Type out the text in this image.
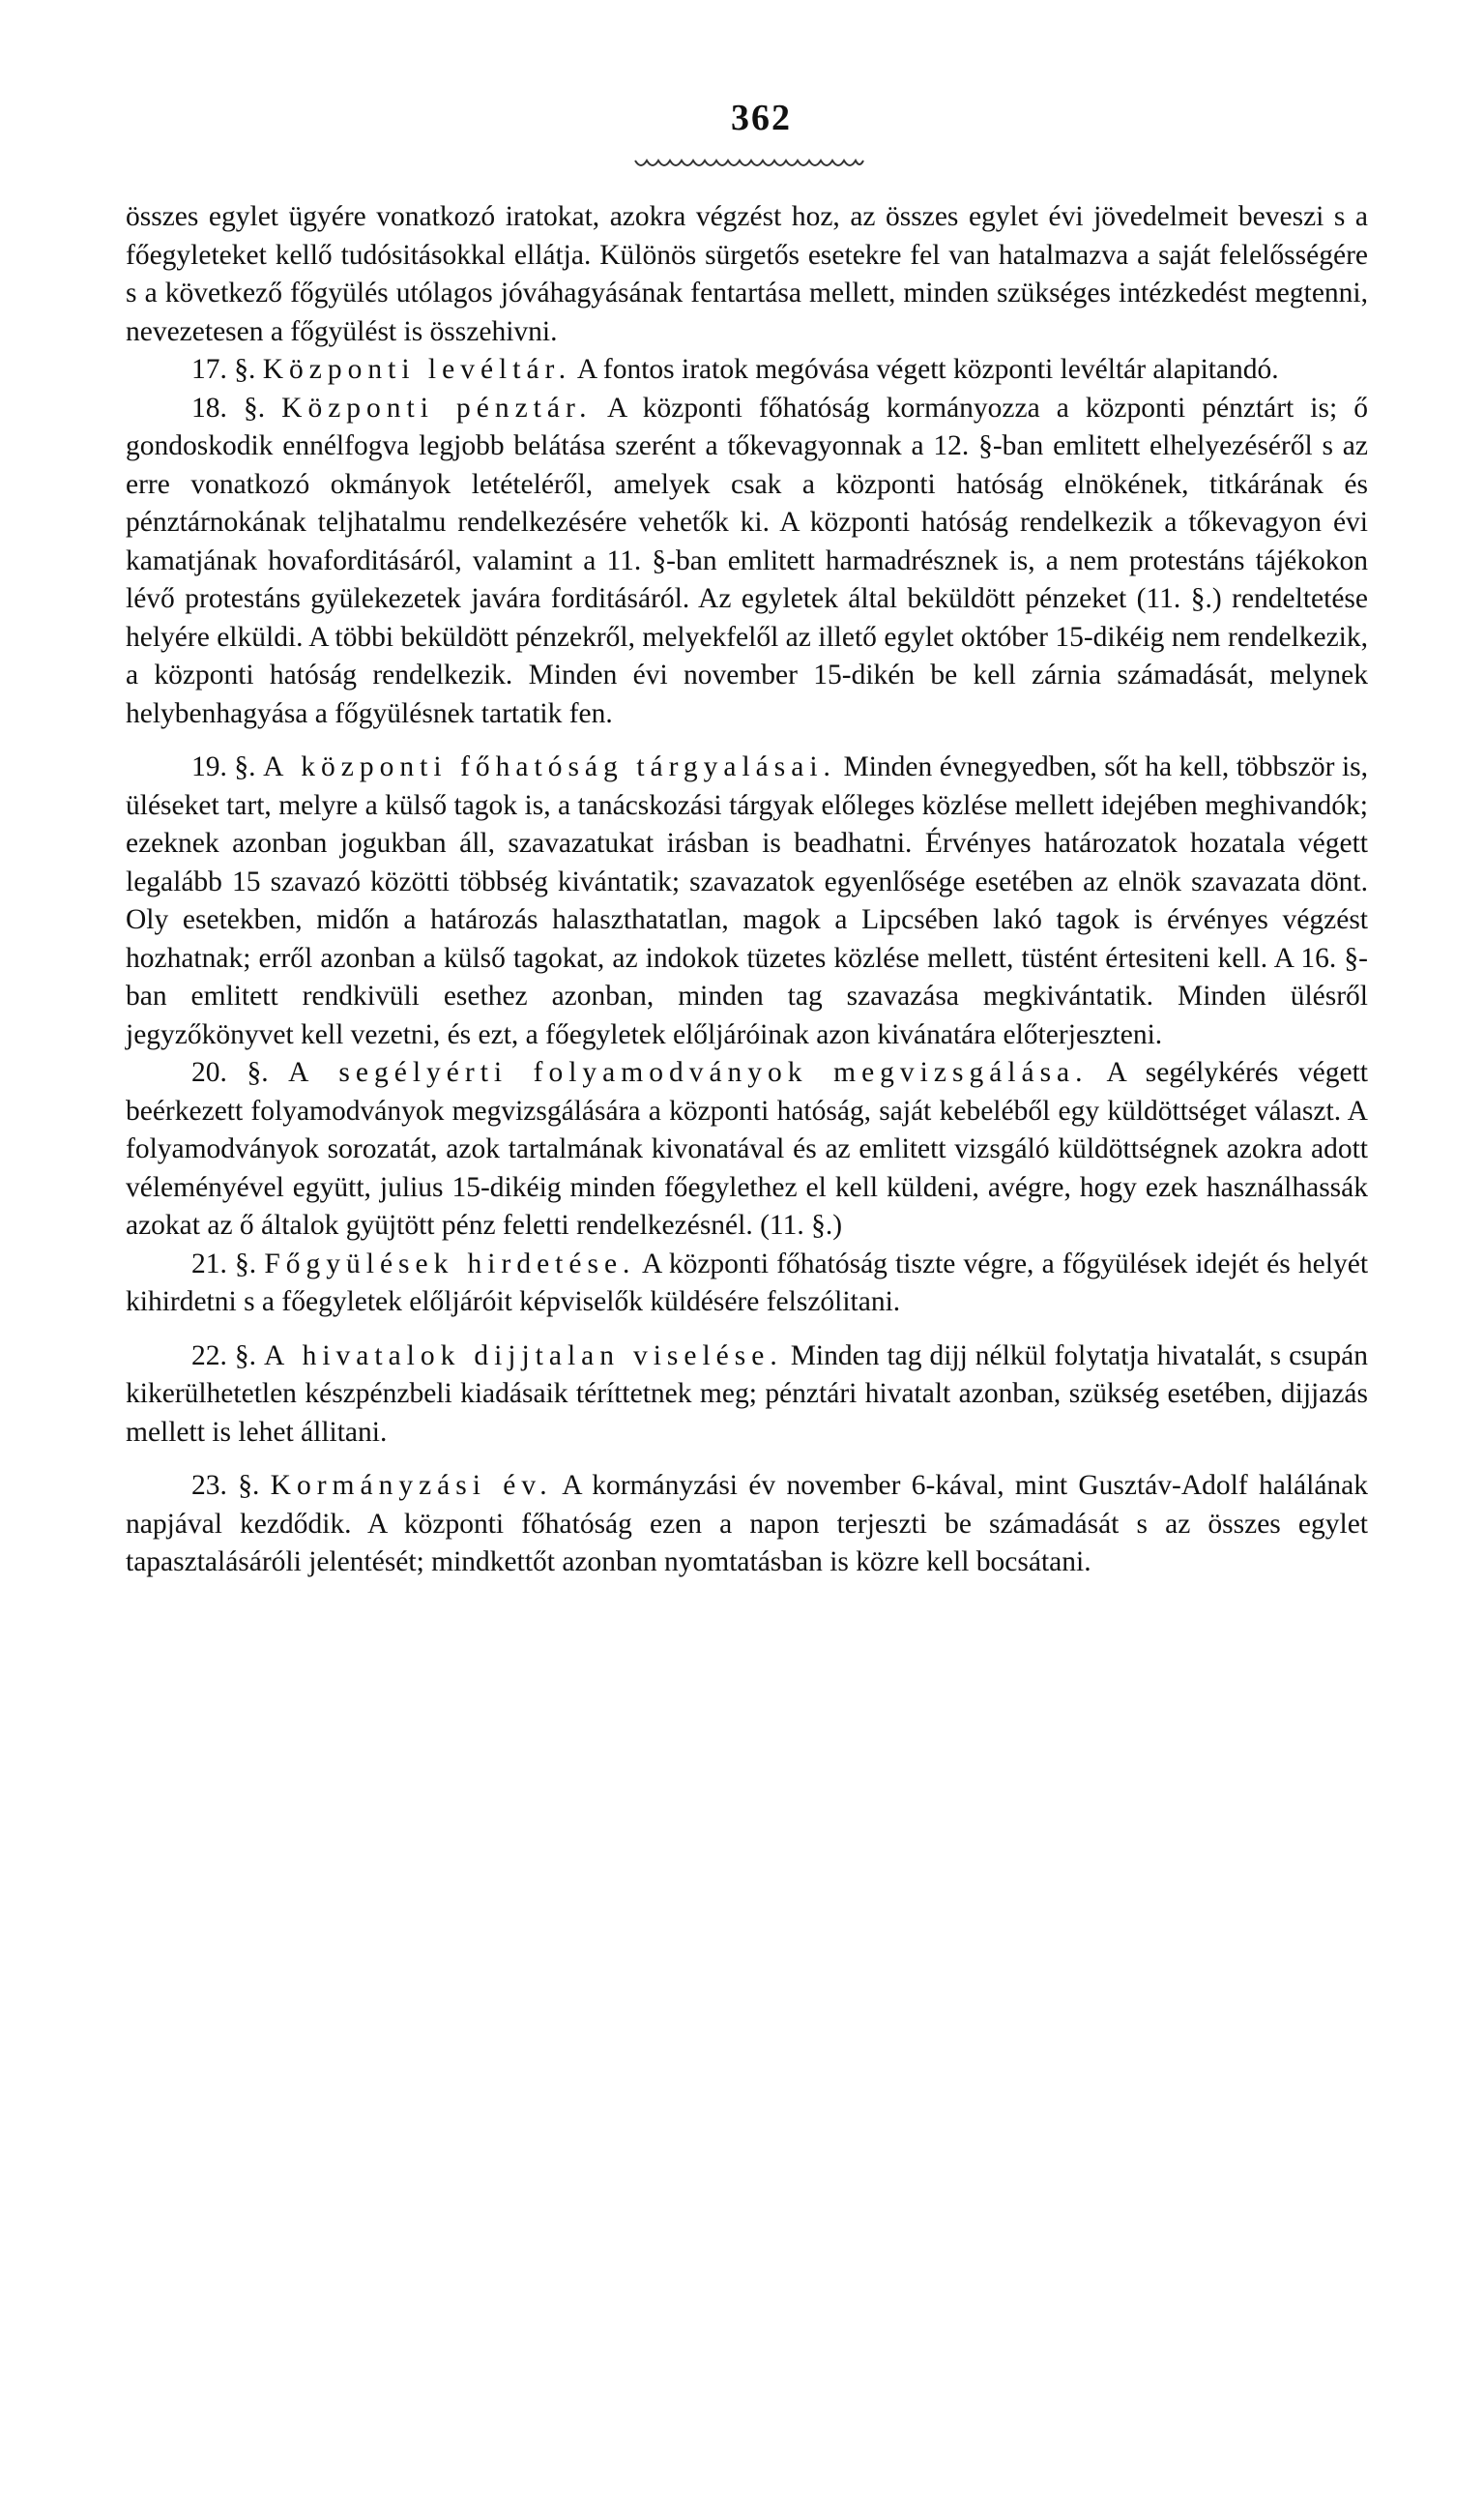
362

összes egylet ügyére vonatkozó iratokat, azokra végzést hoz, az összes egylet évi jövedelmeit beveszi s a főegyleteket kellő tudósitásokkal ellátja. Különös sürgetős esetekre fel van hatalmazva a saját felelősségére s a következő főgyülés utólagos jóváhagyásának fentartása mellett, minden szükséges intézkedést megtenni, nevezetesen a főgyülést is összehivni.

17. §. Központi levéltár. A fontos iratok megóvása végett központi levéltár alapitandó.

18. §. Központi pénztár. A központi főhatóság kormányozza a központi pénztárt is; ő gondoskodik ennélfogva legjobb belátása szerént a tőkevagyonnak a 12. §-ban emlitett elhelyezéséről s az erre vonatkozó okmányok letételéről, amelyek csak a központi hatóság elnökének, titkárának és pénztárnokának teljhatalmu rendelkezésére vehetők ki. A központi hatóság rendelkezik a tőkevagyon évi kamatjának hovaforditásáról, valamint a 11. §-ban emlitett harmadrésznek is, a nem protestáns tájékokon lévő protestáns gyülekezetek javára forditásáról. Az egyletek által beküldött pénzeket (11. §.) rendeltetése helyére elküldi. A többi beküldött pénzekről, melyekfelől az illető egylet október 15-dikéig nem rendelkezik, a központi hatóság rendelkezik. Minden évi november 15-dikén be kell zárnia számadását, melynek helybenhagyása a főgyülésnek tartatik fen.

19. §. A központi főhatóság tárgyalásai. Minden évnegyedben, sőt ha kell, többször is, üléseket tart, melyre a külső tagok is, a tanácskozási tárgyak előleges közlése mellett idejében meghivandók; ezeknek azonban jogukban áll, szavazatukat irásban is beadhatni. Érvényes határozatok hozatala végett legalább 15 szavazó közötti többség kivántatik; szavazatok egyenlősége esetében az elnök szavazata dönt. Oly esetekben, midőn a határozás halaszthatatlan, magok a Lipcsében lakó tagok is érvényes végzést hozhatnak; erről azonban a külső tagokat, az indokok tüzetes közlése mellett, tüstént értesiteni kell. A 16. §-ban emlitett rendkivüli esethez azonban, minden tag szavazása megkivántatik. Minden ülésről jegyzőkönyvet kell vezetni, és ezt, a főegyletek előljáróinak azon kivánatára előterjeszteni.

20. §. A segélyérti folyamodványok megvizsgálása. A segélykérés végett beérkezett folyamodványok megvizsgálására a központi hatóság, saját kebeléből egy küldöttséget választ. A folyamodványok sorozatát, azok tartalmának kivonatával és az emlitett vizsgáló küldöttségnek azokra adott véleményével együtt, julius 15-dikéig minden főegylethez el kell küldeni, avégre, hogy ezek használhassák azokat az ő általok gyüjtött pénz feletti rendelkezésnél. (11. §.)

21. §. Főgyülések hirdetése. A központi főhatóság tiszte végre, a főgyülések idejét és helyét kihirdetni s a főegyletek előljáróit képviselők küldésére felszólitani.

22. §. A hivatalok dijjtalan viselése. Minden tag dijj nélkül folytatja hivatalát, s csupán kikerülhetetlen készpénzbeli kiadásaik téríttetnek meg; pénztári hivatalt azonban, szükség esetében, dijjazás mellett is lehet állitani.

23. §. Kormányzási év. A kormányzási év november 6-kával, mint Gusztáv-Adolf halálának napjával kezdődik. A központi főhatóság ezen a napon terjeszti be számadását s az összes egylet tapasztalásáróli jelentését; mindkettőt azonban nyomtatásban is közre kell bocsátani.
